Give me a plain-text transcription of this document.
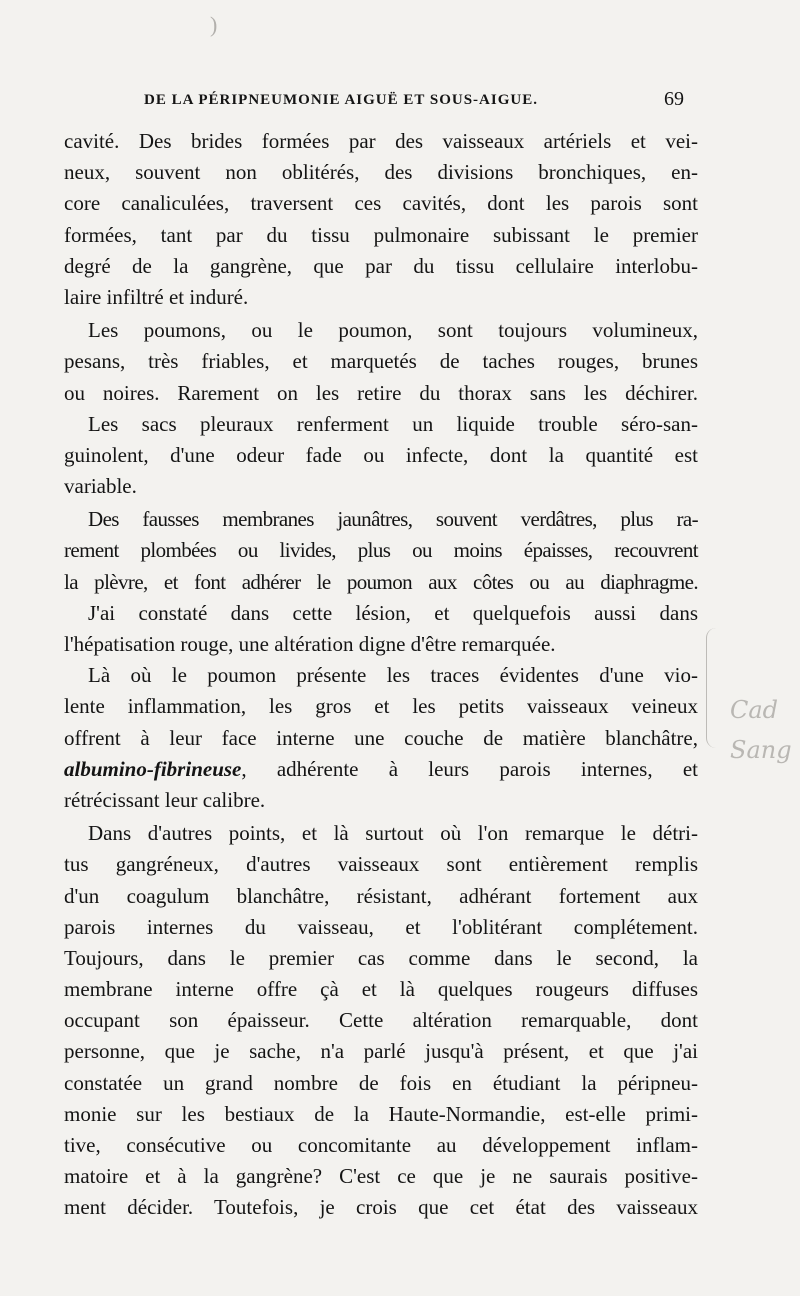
)
DE LA PÉRIPNEUMONIE AIGUË ET SOUS-AIGUE.	69
cavité. Des brides formées par des vaisseaux artériels et vei-
neux, souvent non oblitérés, des divisions bronchiques, en-
core canaliculées, traversent ces cavités, dont les parois sont
formées, tant par du tissu pulmonaire subissant le premier
degré de la gangrène, que par du tissu cellulaire interlobu-
laire infiltré et induré.
Les poumons, ou le poumon, sont toujours volumineux,
pesans, très friables, et marquetés de taches rouges, brunes
ou noires. Rarement on les retire du thorax sans les déchirer.
Les sacs pleuraux renferment un liquide trouble séro-san-
guinolent, d'une odeur fade ou infecte, dont la quantité est
variable.
Des fausses membranes jaunâtres, souvent verdâtres, plus ra-
rement plombées ou livides, plus ou moins épaisses, recouvrent
la plèvre, et font adhérer le poumon aux côtes ou au diaphragme.
J'ai constaté dans cette lésion, et quelquefois aussi dans
l'hépatisation rouge, une altération digne d'être remarquée.
Là où le poumon présente les traces évidentes d'une vio-
lente inflammation, les gros et les petits vaisseaux veineux
offrent à leur face interne une couche de matière blanchâtre,
albumino-fibrineuse, adhérente à leurs parois internes, et
rétrécissant leur calibre.
Dans d'autres points, et là surtout où l'on remarque le détri-
tus gangréneux, d'autres vaisseaux sont entièrement remplis
d'un coagulum blanchâtre, résistant, adhérant fortement aux
parois internes du vaisseau, et l'oblitérant complétement.
Toujours, dans le premier cas comme dans le second, la
membrane interne offre çà et là quelques rougeurs diffuses
occupant son épaisseur. Cette altération remarquable, dont
personne, que je sache, n'a parlé jusqu'à présent, et que j'ai
constatée un grand nombre de fois en étudiant la péripneu-
monie sur les bestiaux de la Haute-Normandie, est-elle primi-
tive, consécutive ou concomitante au développement inflam-
matoire et à la gangrène? C'est ce que je ne saurais positive-
ment décider. Toutefois, je crois que cet état des vaisseaux
Cad
Sang
